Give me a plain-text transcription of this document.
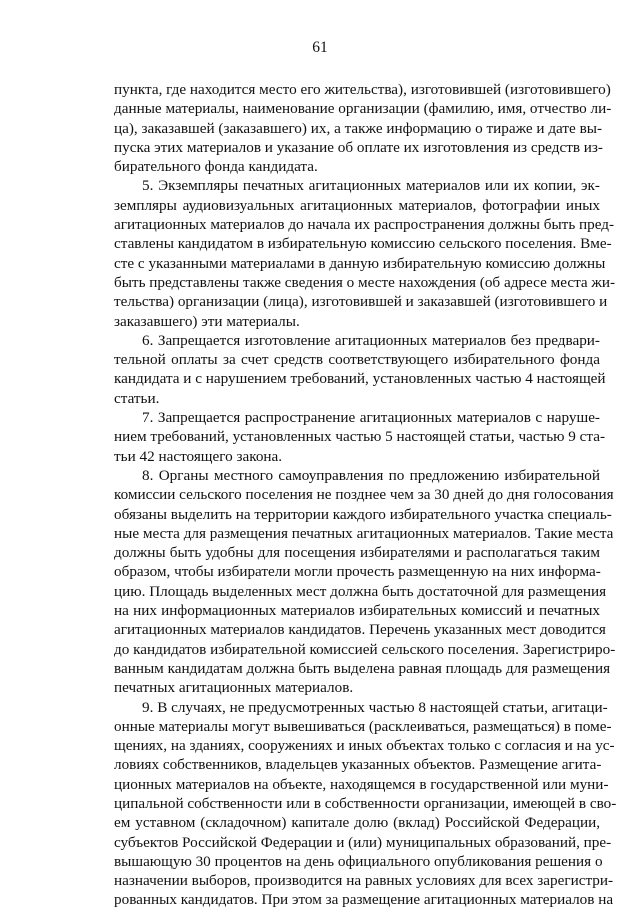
61
пункта, где находится место его жительства), изготовившей (изготовившего)
данные материалы, наименование организации (фамилию, имя, отчество ли-
ца), заказавшей (заказавшего) их, а также информацию о тираже и дате вы-
пуска этих материалов и указание об оплате их изготовления из средств из-
бирательного фонда кандидата.
5. Экземпляры печатных агитационных материалов или их копии, эк-
земпляры аудиовизуальных агитационных материалов, фотографии иных
агитационных материалов до начала их распространения должны быть пред-
ставлены кандидатом в избирательную комиссию сельского поселения. Вме-
сте с указанными материалами в данную избирательную комиссию должны
быть представлены также сведения о месте нахождения (об адресе места жи-
тельства) организации (лица), изготовившей и заказавшей (изготовившего и
заказавшего) эти материалы.
6. Запрещается изготовление агитационных материалов без предвари-
тельной оплаты за счет средств соответствующего избирательного фонда
кандидата и с нарушением требований, установленных частью 4 настоящей
статьи.
7. Запрещается распространение агитационных материалов с наруше-
нием требований, установленных частью 5 настоящей статьи, частью 9 ста-
тьи 42 настоящего закона.
8. Органы местного самоуправления по предложению избирательной
комиссии сельского поселения не позднее чем за 30 дней до дня голосования
обязаны выделить на территории каждого избирательного участка специаль-
ные места для размещения печатных агитационных материалов. Такие места
должны быть удобны для посещения избирателями и располагаться таким
образом, чтобы избиратели могли прочесть размещенную на них информа-
цию. Площадь выделенных мест должна быть достаточной для размещения
на них информационных материалов избирательных комиссий и печатных
агитационных материалов кандидатов. Перечень указанных мест доводится
до кандидатов избирательной комиссией сельского поселения. Зарегистриро-
ванным кандидатам должна быть выделена равная площадь для размещения
печатных агитационных материалов.
9. В случаях, не предусмотренных частью 8 настоящей статьи, агитаци-
онные материалы могут вывешиваться (расклеиваться, размещаться) в поме-
щениях, на зданиях, сооружениях и иных объектах только с согласия и на ус-
ловиях собственников, владельцев указанных объектов. Размещение агита-
ционных материалов на объекте, находящемся в государственной или муни-
ципальной собственности или в собственности организации, имеющей в сво-
ем уставном (складочном) капитале долю (вклад) Российской Федерации,
субъектов Российской Федерации и (или) муниципальных образований, пре-
вышающую 30 процентов на день официального опубликования решения о
назначении выборов, производится на равных условиях для всех зарегистри-
рованных кандидатов. При этом за размещение агитационных материалов на
